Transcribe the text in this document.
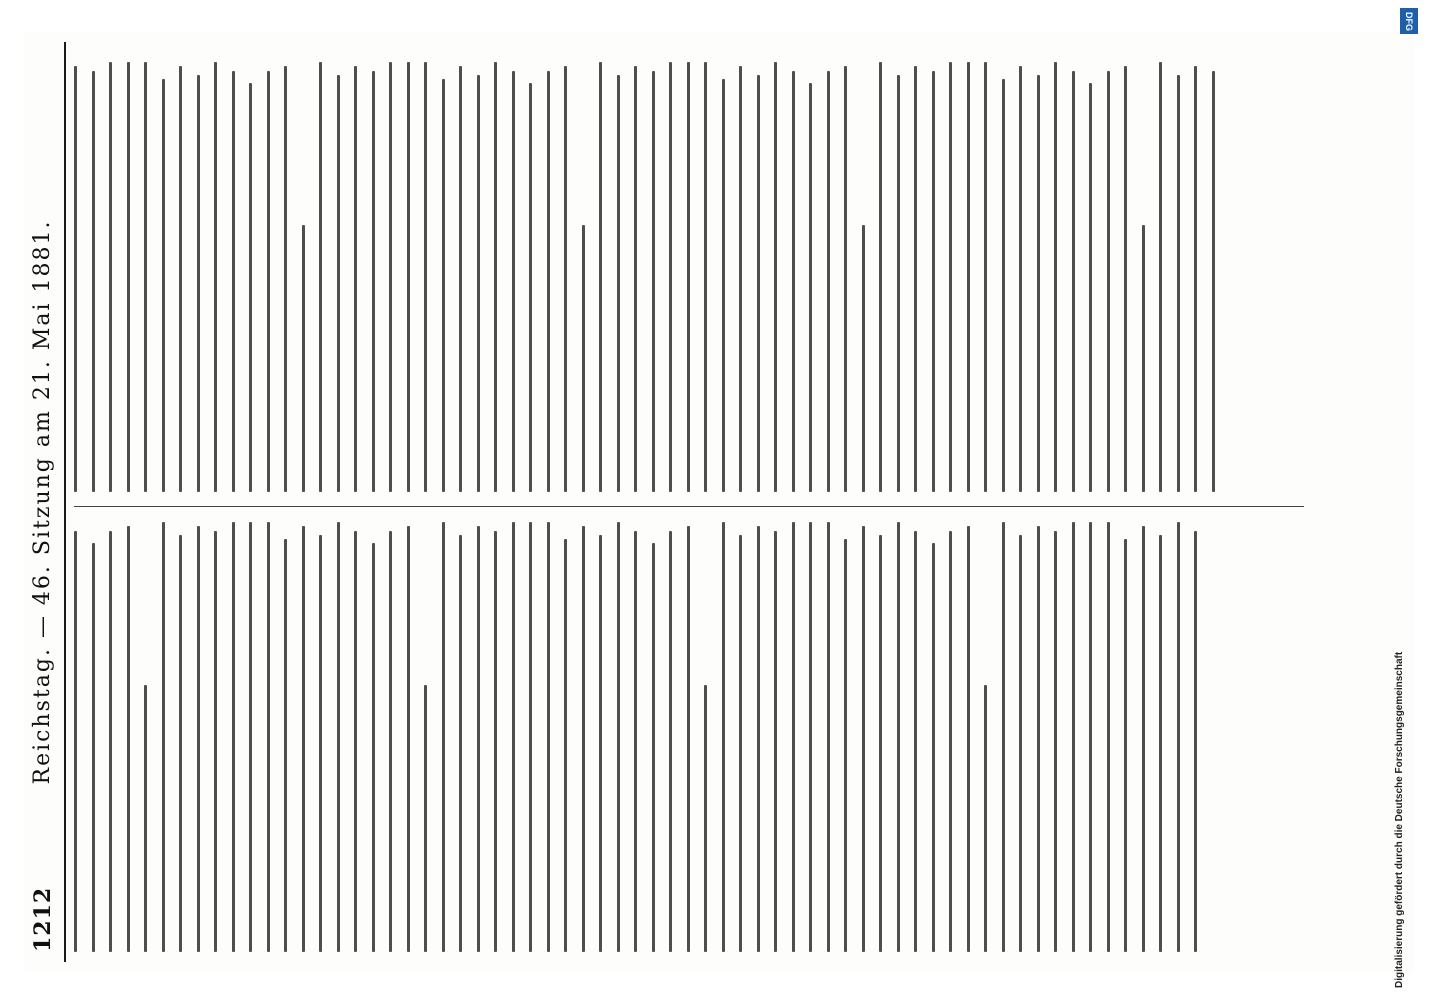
1212
Reichstag. — 46. Sitzung am 21. Mai 1881.
DFG
Digitalisierung gefördert durch die Deutsche Forschungsgemeinschaft
